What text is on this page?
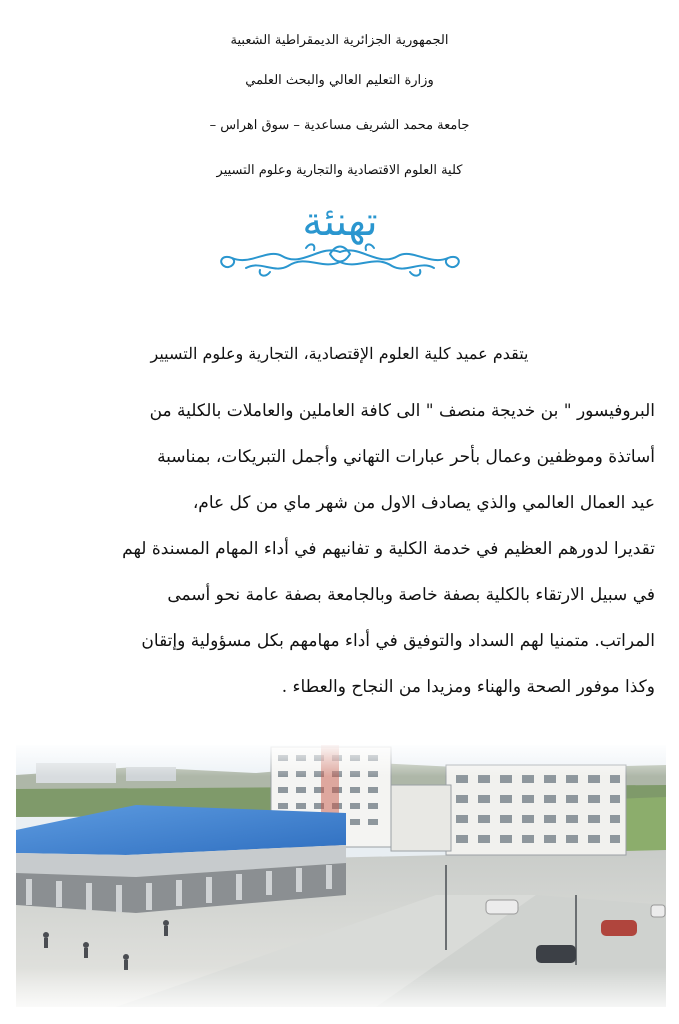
الجمهورية الجزائرية الديمقراطية الشعبية
وزارة التعليم العالي والبحث العلمي
جامعة محمد الشريف مساعدية – سوق اهراس –
كلية العلوم الاقتصادية والتجارية وعلوم التسيير
تهنئة
يتقدم عميد كلية العلوم الإقتصادية، التجارية وعلوم التسيير
البروفيسور " بن خديجة منصف " الى كافة العاملين والعاملات بالكلية من
أساتذة وموظفين وعمال بأحر عبارات التهاني وأجمل التبريكات، بمناسبة
عيد العمال العالمي والذي يصادف الاول من شهر ماي من كل عام،
تقديرا لدورهم العظيم في خدمة الكلية و تفانيهم في أداء المهام المسندة لهم
في سبيل الارتقاء بالكلية بصفة خاصة وبالجامعة بصفة عامة نحو أسمى
المراتب. متمنيا لهم السداد والتوفيق في أداء مهامهم بكل مسؤولية وإتقان
وكذا موفور الصحة والهناء ومزيدا من النجاح والعطاء .
